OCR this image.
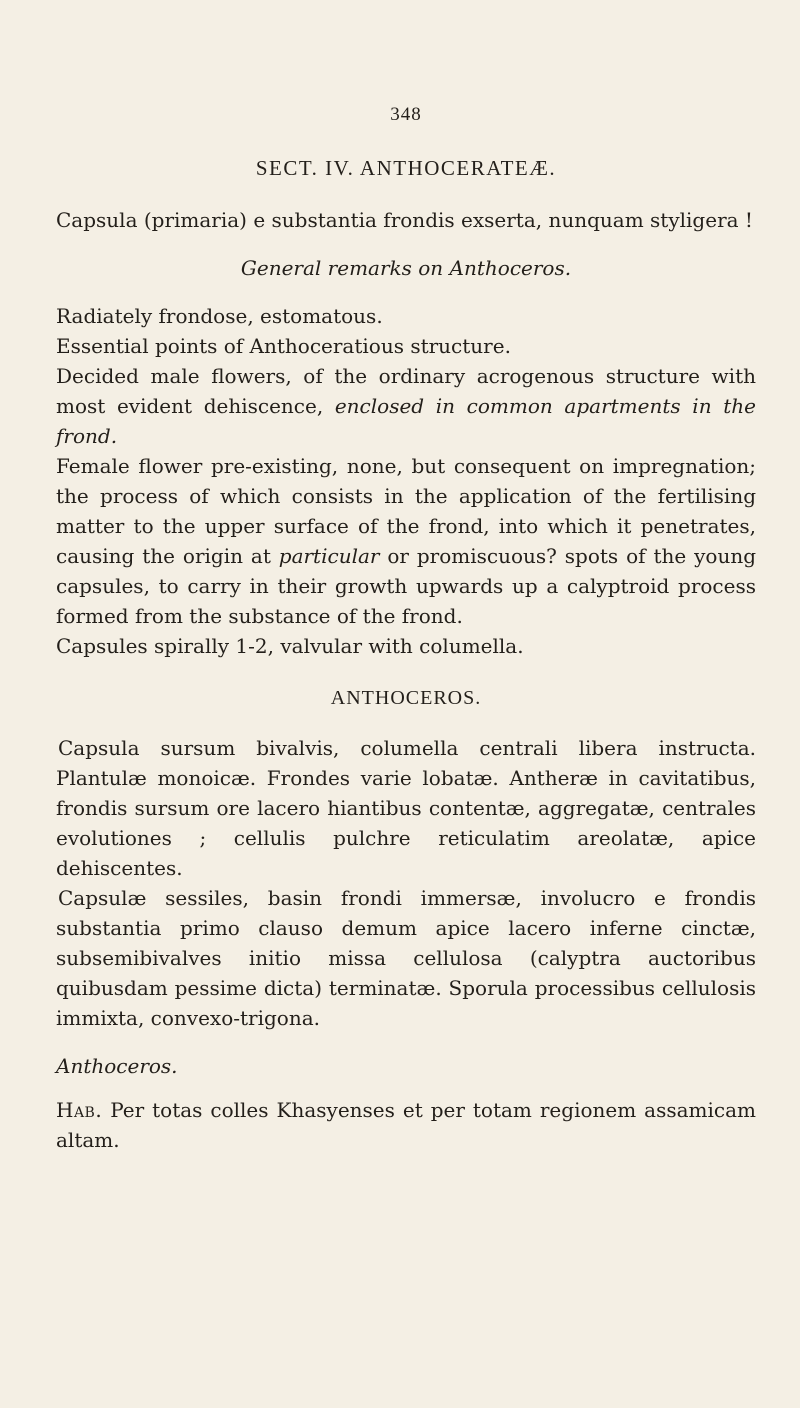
348
SECT. IV. ANTHOCERATEÆ.

Capsula (primaria) e substantia frondis exserta, nunquam styligera !

General remarks on Anthoceros.

Radiately frondose, estomatous.

Essential points of Anthoceratious structure.

Decided male flowers, of the ordinary acrogenous structure with most evident dehiscence, enclosed in common apartments in the frond.

Female flower pre-existing, none, but consequent on impregnation; the process of which consists in the application of the fertilising matter to the upper surface of the frond, into which it penetrates, causing the origin at particular or promiscuous? spots of the young capsules, to carry in their growth upwards up a calyptroid process formed from the substance of the frond.

Capsules spirally 1-2, valvular with columella.

ANTHOCEROS.

Capsula sursum bivalvis, columella centrali libera instructa. Plantulæ monoicæ. Frondes varie lobatæ. Antheræ in cavitatibus, frondis sursum ore lacero hiantibus contentæ, aggregatæ, centrales evolutiones ; cellulis pulchre reticulatim areolatæ, apice dehiscentes.

Capsulæ sessiles, basin frondi immersæ, involucro e frondis substantia primo clauso demum apice lacero inferne cinctæ, subsemibivalves initio missa cellulosa (calyptra auctoribus quibusdam pessime dicta) terminatæ. Sporula processibus cellulosis immixta, convexo-trigona.

Anthoceros.

Hab. Per totas colles Khasyenses et per totam regionem assamicam altam.
